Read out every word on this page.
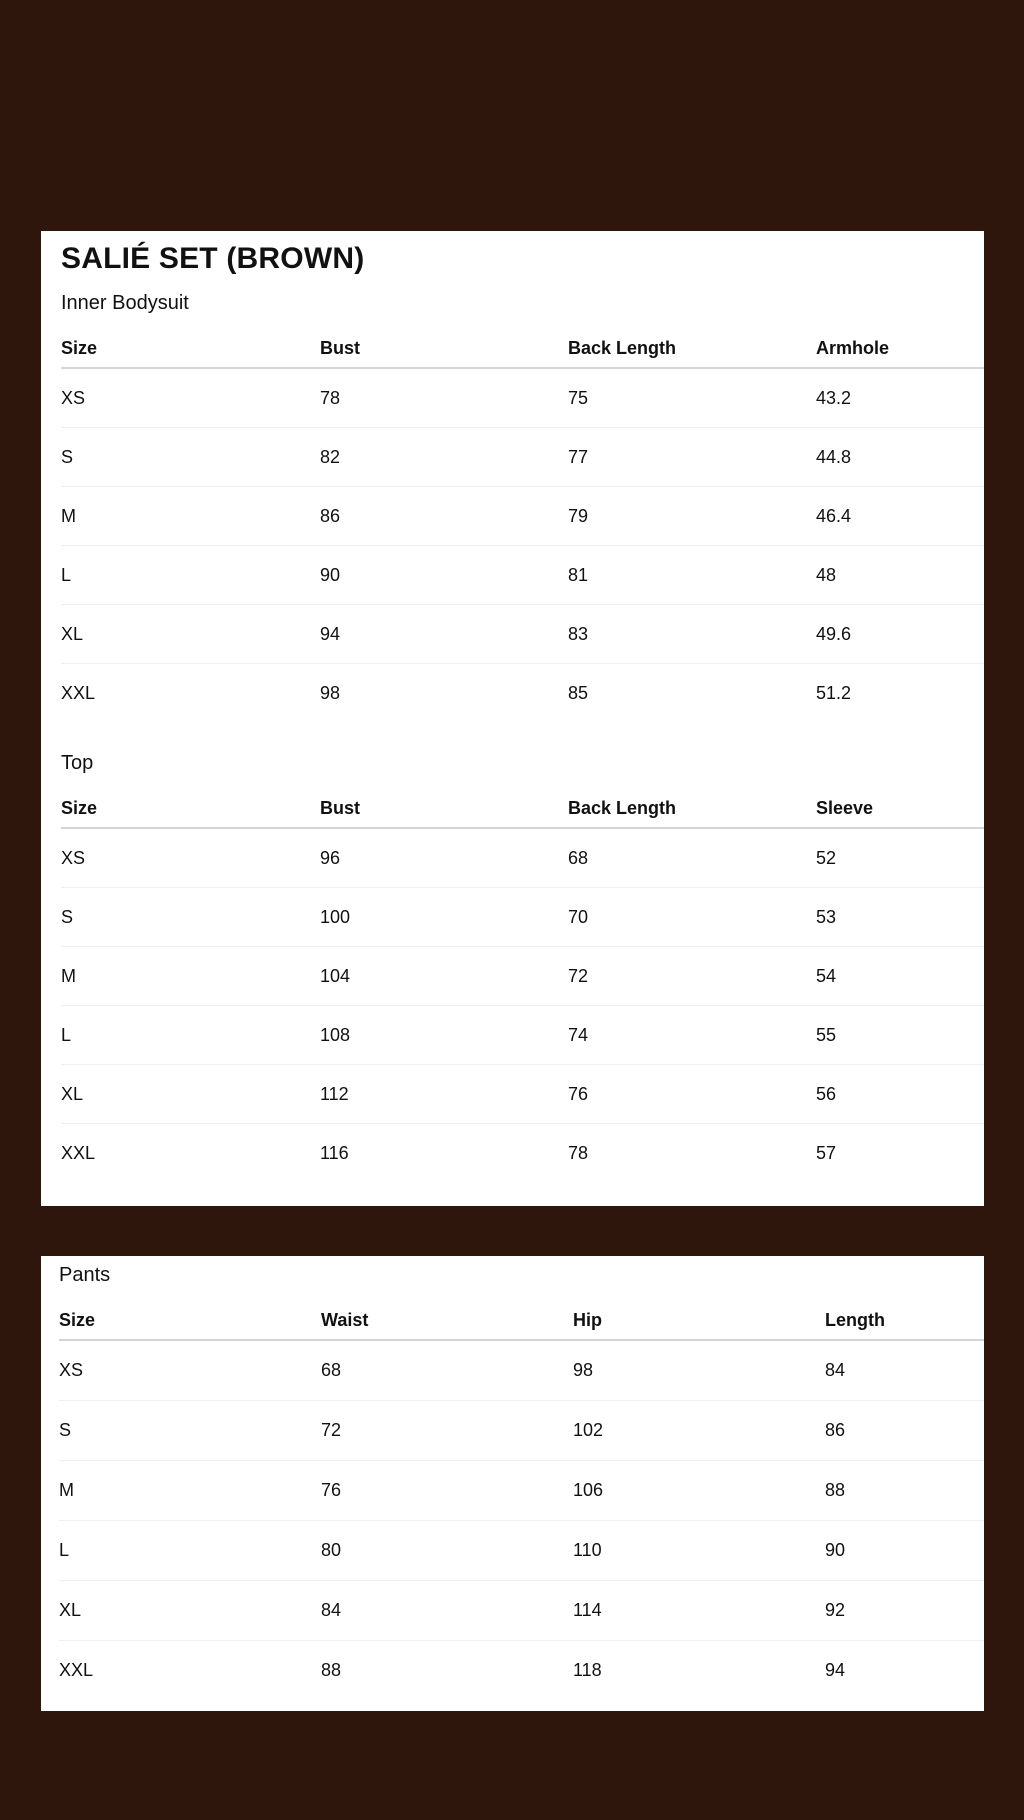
SALIÉ SET (BROWN)
Inner Bodysuit
Size	Bust	Back Length	Armhole
XS	78	75	43.2
S	82	77	44.8
M	86	79	46.4
L	90	81	48
XL	94	83	49.6
XXL	98	85	51.2
Top
Size	Bust	Back Length	Sleeve
XS	96	68	52
S	100	70	53
M	104	72	54
L	108	74	55
XL	112	76	56
XXL	116	78	57
Pants
Size	Waist	Hip	Length
XS	68	98	84
S	72	102	86
M	76	106	88
L	80	110	90
XL	84	114	92
XXL	88	118	94
